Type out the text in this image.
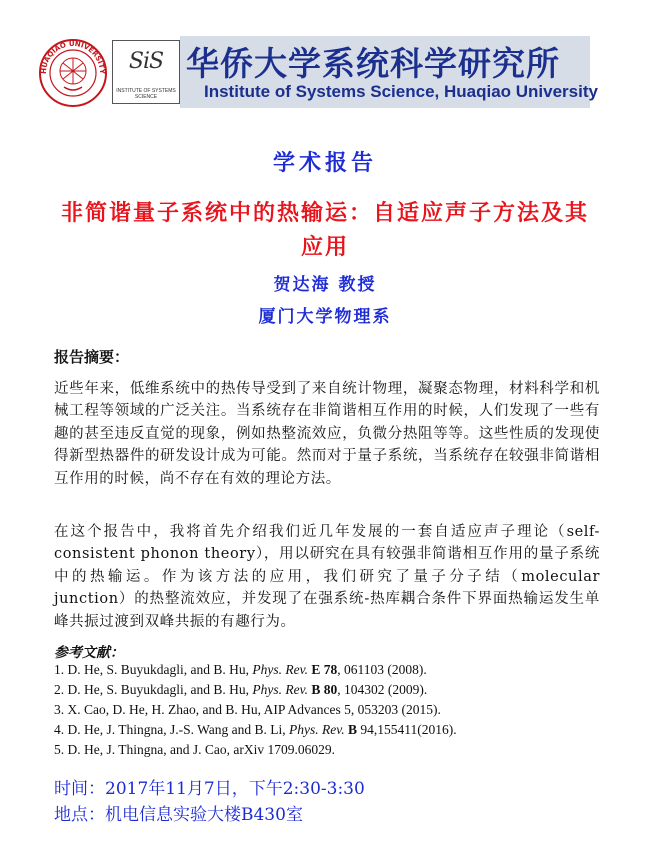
HUAQIAO UNIVERSITY	SiS
INSTITUTE OF SYSTEMS SCIENCE
华侨大学系统科学研究所
Institute of Systems Science, Huaqiao University
学术报告
非简谐量子系统中的热输运：自适应声子方法及其应用
贺达海 教授
厦门大学物理系
报告摘要：
近些年来，低维系统中的热传导受到了来自统计物理，凝聚态物理，材料科学和机械工程等领域的广泛关注。当系统存在非简谐相互作用的时候，人们发现了一些有趣的甚至违反直觉的现象，例如热整流效应，负微分热阻等等。这些性质的发现使得新型热器件的研发设计成为可能。然而对于量子系统，当系统存在较强非简谐相互作用的时候，尚不存在有效的理论方法。
在这个报告中，我将首先介绍我们近几年发展的一套自适应声子理论（self-consistent phonon theory），用以研究在具有较强非简谐相互作用的量子系统中的热输运。作为该方法的应用，我们研究了量子分子结（molecular junction）的热整流效应，并发现了在强系统-热库耦合条件下界面热输运发生单峰共振过渡到双峰共振的有趣行为。
参考文献：
1. D. He, S. Buyukdagli, and B. Hu, Phys. Rev. E 78, 061103 (2008).
2. D. He, S. Buyukdagli, and B. Hu, Phys. Rev. B 80, 104302 (2009).
3. X. Cao, D. He, H. Zhao, and B. Hu, AIP Advances 5, 053203 (2015).
4. D. He, J. Thingna, J.-S. Wang and B. Li, Phys. Rev. B 94,155411(2016).
5. D. He, J. Thingna, and J. Cao, arXiv 1709.06029.
时间：2017年11月7日，下午2:30-3:30
地点：机电信息实验大楼B430室
